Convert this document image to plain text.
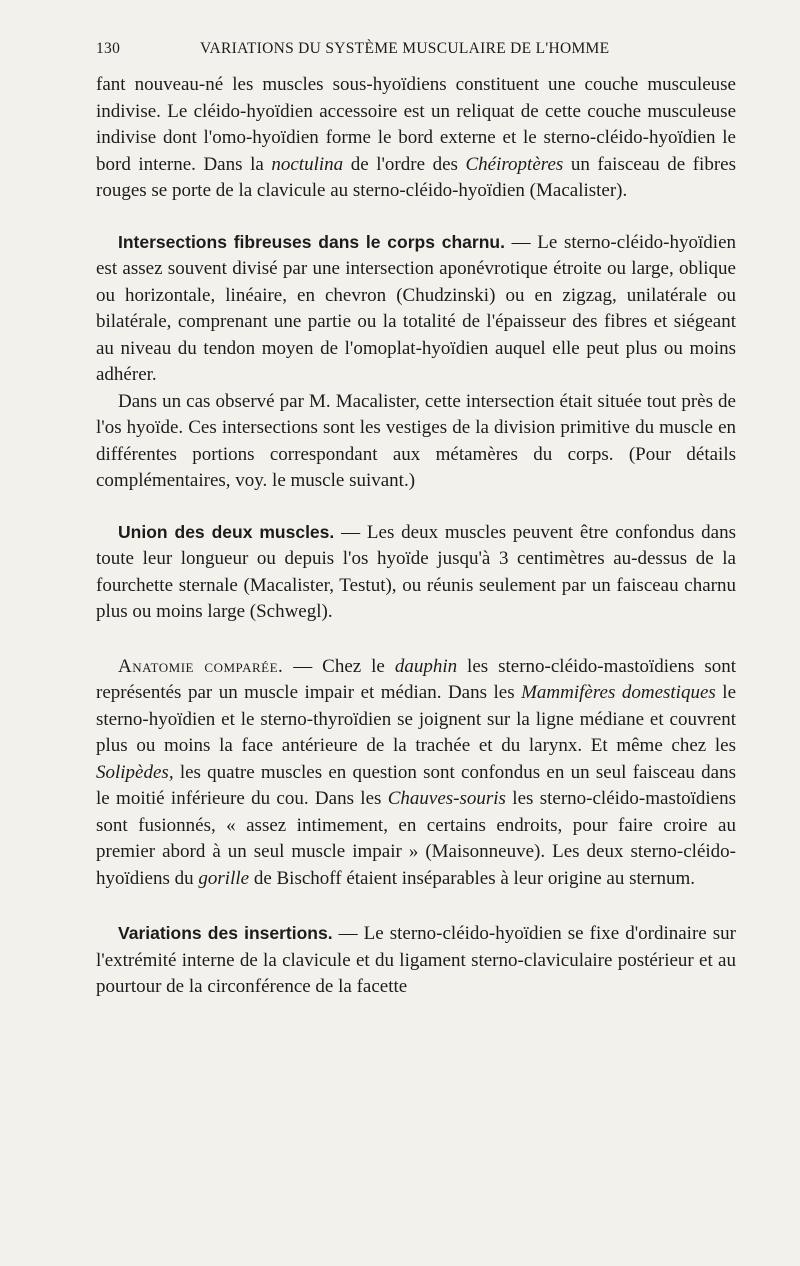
130	VARIATIONS DU SYSTÈME MUSCULAIRE DE L'HOMME

fant nouveau-né les muscles sous-hyoïdiens constituent une couche musculeuse indivise. Le cléido-hyoïdien accessoire est un reliquat de cette couche musculeuse indivise dont l'omo-hyoïdien forme le bord externe et le sterno-cléido-hyoïdien le bord interne. Dans la noctulina de l'ordre des Chéiroptères un faisceau de fibres rouges se porte de la clavicule au sterno-cléido-hyoïdien (Macalister).

Intersections fibreuses dans le corps charnu. — Le sterno-cléido-hyoïdien est assez souvent divisé par une intersection aponévrotique étroite ou large, oblique ou horizontale, linéaire, en chevron (Chudzinski) ou en zigzag, unilatérale ou bilatérale, comprenant une partie ou la totalité de l'épaisseur des fibres et siégeant au niveau du tendon moyen de l'omoplat-hyoïdien auquel elle peut plus ou moins adhérer.

Dans un cas observé par M. Macalister, cette intersection était située tout près de l'os hyoïde. Ces intersections sont les vestiges de la division primitive du muscle en différentes portions correspondant aux métamères du corps. (Pour détails complémentaires, voy. le muscle suivant.)

Union des deux muscles. — Les deux muscles peuvent être confondus dans toute leur longueur ou depuis l'os hyoïde jusqu'à 3 centimètres au-dessus de la fourchette sternale (Macalister, Testut), ou réunis seulement par un faisceau charnu plus ou moins large (Schwegl).

Anatomie comparée. — Chez le dauphin les sterno-cléido-mastoïdiens sont représentés par un muscle impair et médian. Dans les Mammifères domestiques le sterno-hyoïdien et le sterno-thyroïdien se joignent sur la ligne médiane et couvrent plus ou moins la face antérieure de la trachée et du larynx. Et même chez les Solipèdes, les quatre muscles en question sont confondus en un seul faisceau dans le moitié inférieure du cou. Dans les Chauves-souris les sterno-cléido-mastoïdiens sont fusionnés, « assez intimement, en certains endroits, pour faire croire au premier abord à un seul muscle impair » (Maisonneuve). Les deux sterno-cléido-hyoïdiens du gorille de Bischoff étaient inséparables à leur origine au sternum.

Variations des insertions. — Le sterno-cléido-hyoïdien se fixe d'ordinaire sur l'extrémité interne de la clavicule et du ligament sterno-claviculaire postérieur et au pourtour de la circonférence de la facette
